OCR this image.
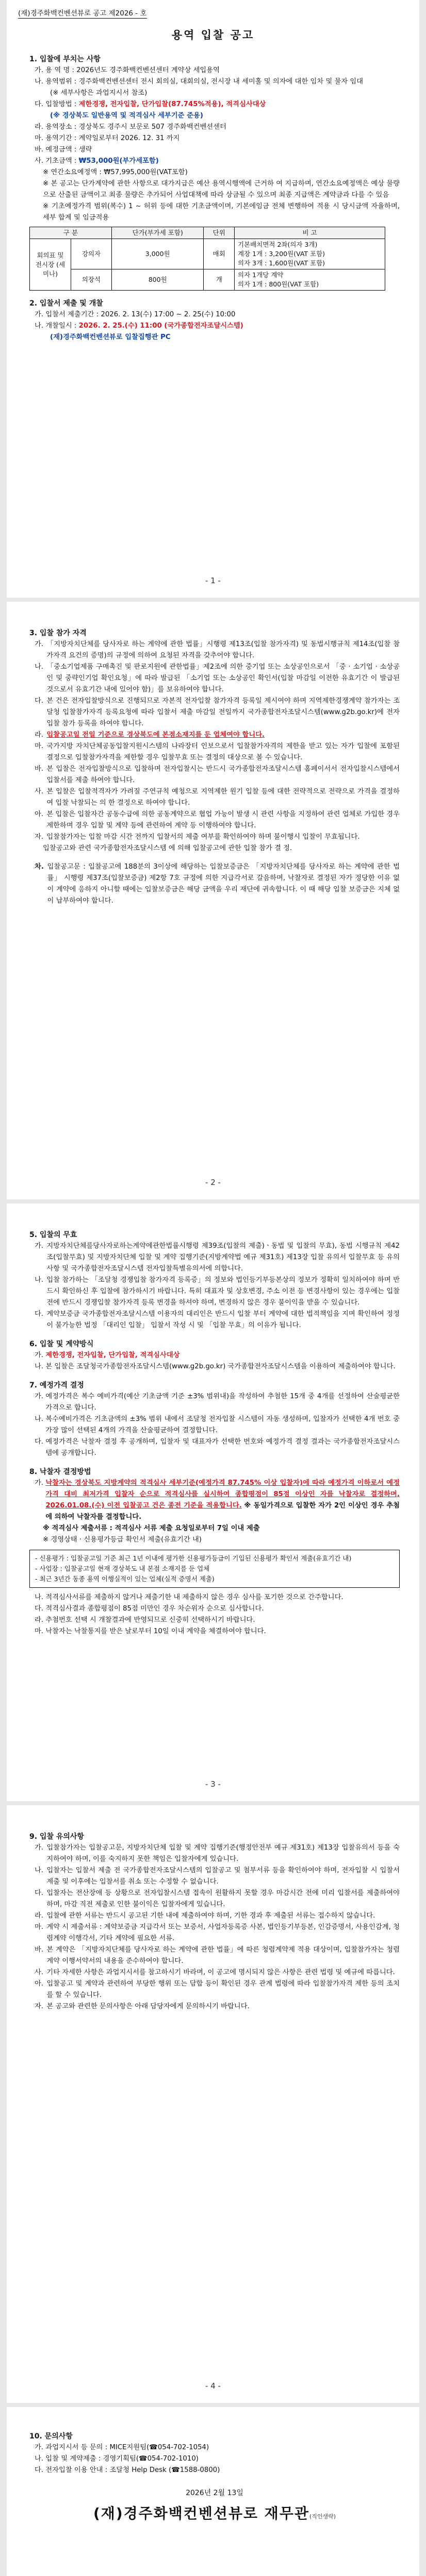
(재)경주화백컨벤션뷰로 공고 제2026 - 호
용역 입찰 공고
1. 입찰에 부치는 사항
가. 용 역 명 : 2026년도 경주화백컨벤션센터 계약상 세입용역
나. 용역범위 : 경주화백컨벤션센터 전시 회의실, 대회의실, 전시장 내 세미홀 및 의자에 대한 임차 및 물자 임대
(※ 세부사항은 과업지시서 참조)
다. 입찰방법 : 제한경쟁, 전자입찰, 단가입찰(87.745%적용), 적격심사대상
(※ 경상북도 일반용역 및 적격심사 세부기준 준용)
라. 용역장소 : 경상북도 경주시 보문로 507 경주화백컨벤션센터
마. 용역기간 : 계약일로부터 2026. 12. 31 까지
바. 예정금액 : 생략
사. 기초금액 : ₩53,000원(부가세포함)
※ 연간소요예정액 : ₩57,995,000원(VAT포함)
※ 본 공고는 단가계약에 관한 사항으로 대가지급은 예산 용역시행액에 근거하 여 지급하며, 연간소요예정액은 예상 물량으로 산출된 금액이고 최종 물량은 추가되어 사업대책에 따라 상금될 수 있으며 최종 지급액은 계약금과 다를 수 있음
※ 기초예정가격 범위(복수) 1 ~ 허위 등에 대한 기초금액이며, 기본에임금 전체 변행하여 적용 시 당시금액 자율하며, 세부 합계 및 임금적용
구 분		단가(부가세 포함)	단위	비 고
회의표 및 전시장 (세미나)	강의자	3,000원	매회	기본배치면적 2좌(의자 3개)
계장 1개 : 3,200원(VAT 포함)
의자 3개 : 1,600원(VAT 포함)
	의장석	800원	개	의자 1개당 계약
의자 1개 : 800원(VAT 포함)
2. 입찰서 제출 및 개찰
가. 입찰서 제출기간 : 2026. 2. 13(수) 17:00 ~ 2. 25(수) 10:00
나. 개찰일시 : 2026. 2. 25.(수) 11:00 (국가종합전자조달시스템)
(재)경주화백컨벤션뷰로 입찰집행관 PC
- 1 -
3. 입찰 참가 자격
가. 「지방자치단체를 당사자로 하는 계약에 관한 법률」시행령 제13조(입찰 참가자격) 및 동법시행규칙 제14조(입찰 참가자격 요건의 증명)의 규정에 의하여 요청된 자격을 갖추어야 합니다.
나. 「중소기업제품 구매촉진 및 판로지원에 관한법률」제2조에 의한 중기업 또는 소상공인으로서 「중 · 소기업 · 소상공인 및 중략인기업 확인요청」에 따라 발급된 「소기업 또는 소상공인 확인서(입찰 마감일 이전한 유효기간 이 발급된 것으로서 유효기간 내에 있어야 함)」를 보유하여야 합니다.
다. 본 건은 전자입찰방식으로 진행되므로 자본적 전자입찰 참가자격 등록일 제시여야 하며 지역제한경쟁계약 참가자는 조달청 입찰참가자격 등록요청에 따라 입찰서 제출 마감일 전일까지 국가종합전자조달시스템(www.g2b.go.kr)에 전자입찰 참가 등록을 하여야 합니다.
라. 입찰공고일 전일 기준으로 경상북도에 본점소재지를 둔 업체여야 합니다.
마. 국가지방 자치단체공동입찰지원시스템의 나라장터 인보으로서 입찰참가자격의 제한을 받고 있는 자가 입찰에 포함된 결정으로 입찰참가자격을 제한할 경우 입찰무효 또는 결정의 대상으로 볼 수 있습니다.
바. 본 입찰은 전자입찰방식으로 입찰하며 전자입찰시는 반드시 국가종합전자조달시스템 홈페이서서 전자입찰시스템에서 입찰서를 제출 하여야 합니다.
사. 본 입찰은 입찰적격자가 가려질 주연규칙 예청으로 지역제한 원기 입찰 등에 대한 전략적으로 전략으로 가격을 결정하여 입찰 낙찰되는 의 한 결정으로 하여야 합니다.
아. 본 입찰은 입찰자간 공동수급에 의한 공동계약으로 협업 가능이 발생 시 관련 사항을 지정하여 관련 업체로 가입한 경우 제한하며 경우 입찰 및 계약 등에 관련하여 계약 등 이행하여야 합니다.
자. 입찰참가자는 입찰 마감 시간 전까지 입찰서의 제출 여부를 확인하여야 하며 불이행시 입찰이 무효됩니다.
입찰공고와 관련 국가종합전자조달시스템 에 의해 입찰공고에 관한 입찰 참가 결 정.
차. 입찰공고문 : 입찰공고에 188분의 3이상에 해당하는 입찰보증금은 「지방자치단체를 당사자로 하는 계약에 관한 법률」 시행령 제37조(입찰보증금) 제2항 7호 규정에 의한 지급각서로 갈음하며, 낙찰자로 결정된 자가 정당한 이유 없이 계약에 응하지 아니할 때에는 입찰보증금은 해당 금액을 우리 재단에 귀속합니다. 이 때 해당 입찰 보증금은 지체 없이 납부하여야 합니다.
- 2 -
5. 입찰의 무효
가. 지방자치단체를당사자로하는계약에관한법률시행령 제39조(입찰의 제출)ㆍ동법 및 입찰의 무효), 동법 시행규칙 제42조(입찰무효) 및 지방자치단체 입찰 및 계약 집행기준(지방계약법 예규 제31호) 제13장 입찰 유의서 입찰무효 등 유의사항 및 국가종합전자조달시스템 전자입찰특별유의서에 의합니다.
나. 입찰 참가하는 「조달청 경쟁입찰 참가자격 등록증」의 정보와 법인등기부등본상의 정보가 정확히 일치하여야 하며 반드시 확인하신 후 입찰에 참가하시기 바랍니다. 특히 대표자 및 상호변경, 주소 이전 등 변경사항이 있는 경우에는 입찰 전에 반드시 경쟁입찰 참가자격 등록 변경을 하셔야 하며, 변경하지 않은 경우 불이익을 받을 수 있습니다.
다. 계약보증금 국가종합전자조달시스템 이용자의 대리인은 반드시 입찰 부터 계약에 대한 법적책임을 지며 확인하여 정정이 불가능한 법정 「대리인 입찰」 입찰서 작성 시 및 「입찰 무효」의 이유가 됩니다.
6. 입찰 및 계약방식
가. 제한경쟁, 전자입찰, 단가입찰, 적격심사대상
나. 본 입찰은 조달청국가종합전자조달시스템(www.g2b.go.kr) 국가종합전자조달시스템을 이용하여 제출하여야 합니다.
7. 예정가격 결정
가. 예정가격은 복수 예비가격(예산 기초금액 기준 ±3% 범위내)을 작성하여 추첨한 15개 중 4개를 선정하여 산술평균한 가격으로 합니다.
나. 복수예비가격은 기초금액의 ±3% 범위 내에서 조달청 전자입찰 시스템이 자동 생성하며, 입찰자가 선택한 4개 번호 중 가장 많이 선택된 4개의 가격을 산술평균하여 결정합니다.
다. 예정가격은 낙찰자 결정 후 공개하며, 입찰자 및 대표자가 선택한 번호와 예정가격 결정 결과는 국가종합전자조달시스템에 공개합니다.
8. 낙찰자 결정방법
가. 낙찰자는 경상북도 지방계약의 적격심사 세부기준(예정가격 87.745% 이상 입찰자)에 따라 예정가격 이하로서 예정가격 대비 최저가격 입찰자 순으로 적격심사를 실시하여 종합평점이 85점 이상인 자를 낙찰자로 결정하며, 2026.01.08.(수) 이전 입찰공고 건은 종전 기준을 적용합니다. ※ 동일가격으로 입찰한 자가 2인 이상인 경우 추첨에 의하여 낙찰자를 결정합니다.
※ 적격심사 제출서류 : 적격심사 서류 제출 요청일로부터 7일 이내 제출
※ 경영상태 · 신용평가등급 확인서 제출(유효기간 내)
- 신용평가 : 입찰공고일 기준 최근 1년 이내에 평가한 신용평가등급이 기입된 신용평가 확인서 제출(유효기간 내)
- 사업장 : 입찰공고일 현재 경상북도 내 본점 소재지를 둔 업체
- 최근 3년간 동종 용역 이행실적이 있는 업체(실적 증명서 제출)
나. 적격심사서류를 제출하지 않거나 제출기한 내 제출하지 않은 경우 심사를 포기한 것으로 간주합니다.
다. 적격심사결과 종합평점이 85점 미만인 경우 차순위자 순으로 심사합니다.
라. 추첨번호 선택 시 개찰결과에 반영되므로 신중히 선택하시기 바랍니다.
마. 낙찰자는 낙찰통지를 받은 날로부터 10일 이내 계약을 체결하여야 합니다.
- 3 -
9. 입찰 유의사항
가. 입찰참가자는 입찰공고문, 지방자치단체 입찰 및 계약 집행기준(행정안전부 예규 제31호) 제13장 입찰유의서 등을 숙지하여야 하며, 이를 숙지하지 못한 책임은 입찰자에게 있습니다.
나. 입찰자는 입찰서 제출 전 국가종합전자조달시스템의 입찰공고 및 첨부서류 등을 확인하여야 하며, 전자입찰 시 입찰서 제출 및 이후에는 입찰서를 취소 또는 수정할 수 없습니다.
다. 입찰자는 전산장애 등 상황으로 전자입찰시스템 접속이 원활하지 못할 경우 마감시간 전에 미리 입찰서를 제출하여야 하며, 마감 직전 제출로 인한 불이익은 입찰자에게 있습니다.
라. 입찰에 관한 서류는 반드시 공고된 기한 내에 제출하여야 하며, 기한 경과 후 제출된 서류는 접수하지 않습니다.
마. 계약 시 제출서류 : 계약보증금 지급각서 또는 보증서, 사업자등록증 사본, 법인등기부등본, 인감증명서, 사용인감계, 청렴계약 이행각서, 기타 계약에 필요한 서류.
바. 본 계약은 「지방자치단체를 당사자로 하는 계약에 관한 법률」에 따른 청렴계약제 적용 대상이며, 입찰참가자는 청렴계약 이행서약서의 내용을 준수하여야 합니다.
사. 기타 자세한 사항은 과업지시서를 참고하시기 바라며, 이 공고에 명시되지 않은 사항은 관련 법령 및 예규에 따릅니다.
아. 입찰공고 및 계약과 관련하여 부당한 행위 또는 담합 등이 확인된 경우 관계 법령에 따라 입찰참가자격 제한 등의 조치를 할 수 있습니다.
자. 본 공고와 관련한 문의사항은 아래 담당자에게 문의하시기 바랍니다.
- 4 -
10. 문의사항
가. 과업지시서 등 문의 : MICE지원팀(☎054-702-1054)
나. 입찰 및 계약제출 : 경영기획팀(☎054-702-1010)
다. 전자입찰 이용 안내 : 조달청 Help Desk (☎1588-0800)
2026년 2월 13일
(재)경주화백컨벤션뷰로 재무관(직인생략)
